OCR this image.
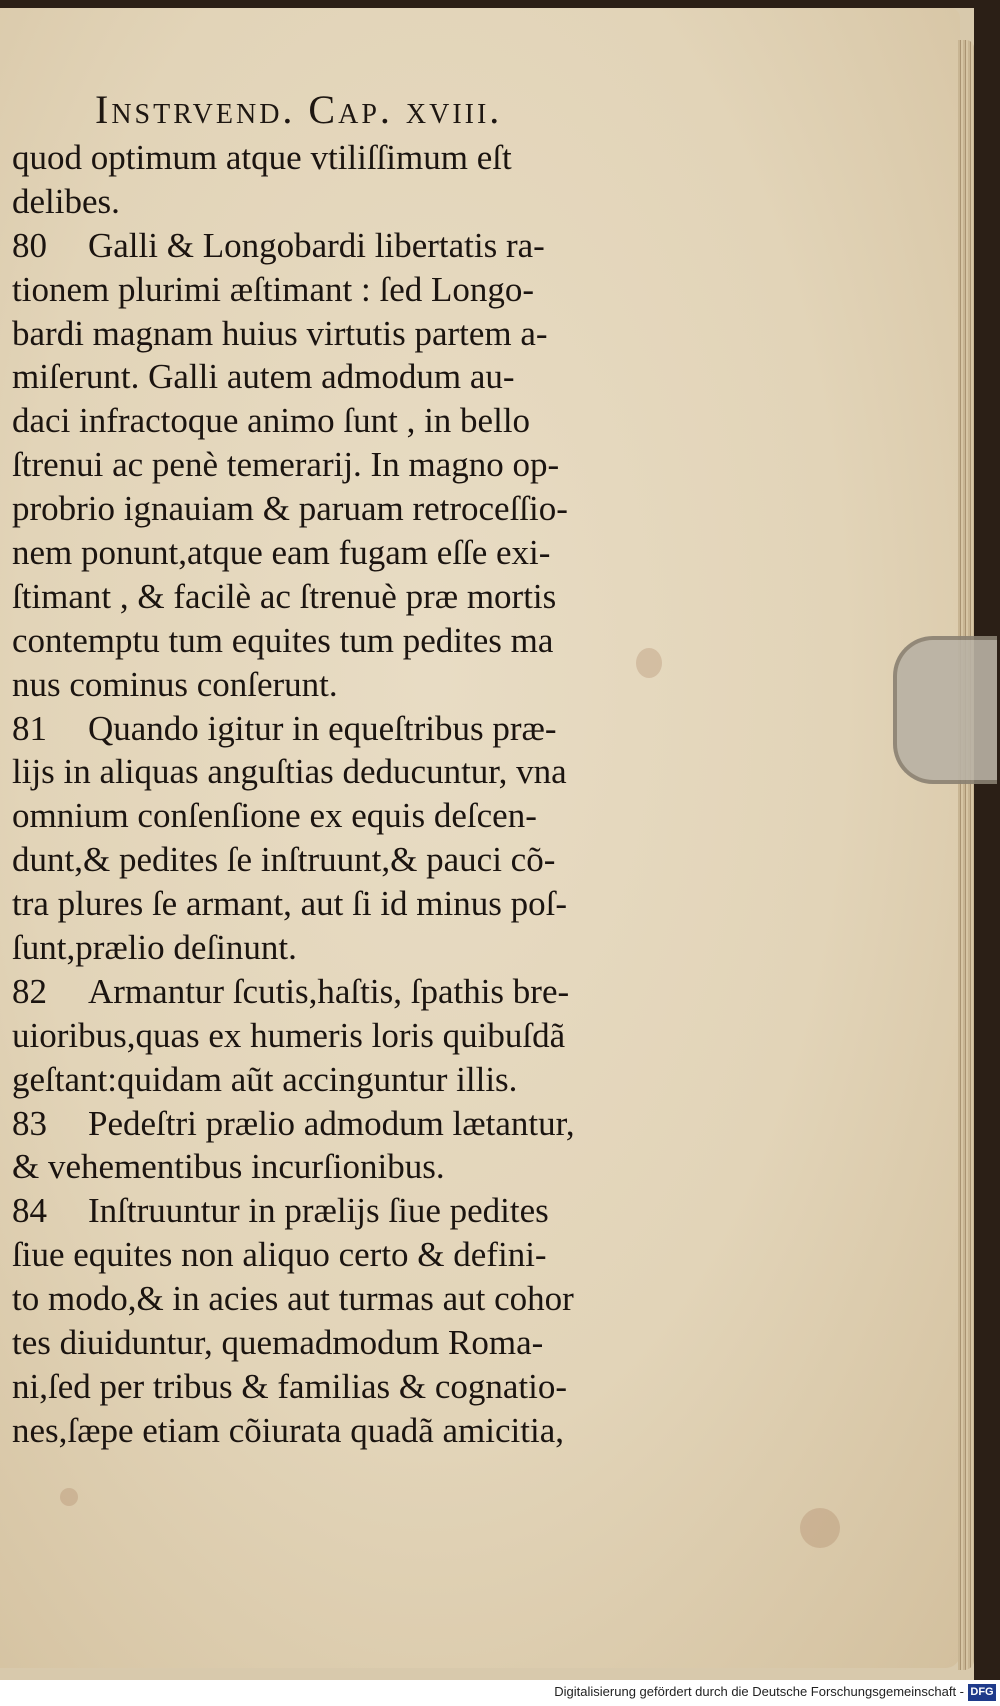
Instrvend. Cap. xviii.
quod optimum atque vtiliſſimum eſt
delibes.
80 Galli & Longobardi libertatis ra-
tionem plurimi æſtimant : ſed Longo-
bardi magnam huius virtutis partem a-
miſerunt. Galli autem admodum au-
daci infractoque animo ſunt , in bello
ſtrenui ac penè temerarij. In magno op-
probrio ignauiam & paruam retroceſſio-
nem ponunt,atque eam fugam eſſe exi-
ſtimant , & facilè ac ſtrenuè præ mortis
contemptu tum equites tum pedites ma
nus cominus conſerunt.
81 Quando igitur in equeſtribus præ-
lijs in aliquas anguſtias deducuntur, vna
omnium conſenſione ex equis deſcen-
dunt,& pedites ſe inſtruunt,& pauci cõ-
tra plures ſe armant, aut ſi id minus poſ-
ſunt,prælio deſinunt.
82 Armantur ſcutis,haſtis, ſpathis bre-
uioribus,quas ex humeris loris quibuſdã
geſtant:quidam aũt accinguntur illis.
83 Pedeſtri prælio admodum lætantur,
& vehementibus incurſionibus.
84 Inſtruuntur in prælijs ſiue pedites
ſiue equites non aliquo certo & defini-
to modo,& in acies aut turmas aut cohor
tes diuiduntur, quemadmodum Roma-
ni,ſed per tribus & familias & cognatio-
nes,ſæpe etiam cõiurata quadã amicitia,
Digitalisierung gefördert durch die Deutsche Forschungsgemeinschaft - DFG
